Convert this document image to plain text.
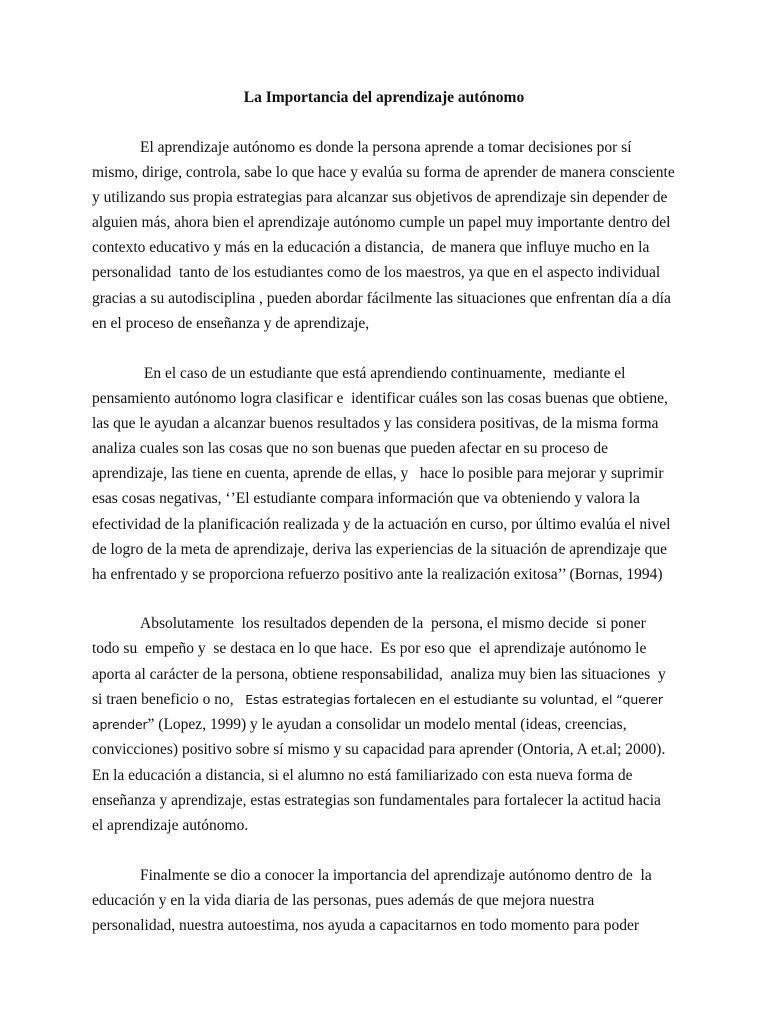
La Importancia del aprendizaje autónomo
El aprendizaje autónomo es donde la persona aprende a tomar decisiones por sí
mismo, dirige, controla, sabe lo que hace y evalúa su forma de aprender de manera consciente
y utilizando sus propia estrategias para alcanzar sus objetivos de aprendizaje sin depender de
alguien más, ahora bien el aprendizaje autónomo cumple un papel muy importante dentro del
contexto educativo y más en la educación a distancia,  de manera que influye mucho en la
personalidad  tanto de los estudiantes como de los maestros, ya que en el aspecto individual
gracias a su autodisciplina , pueden abordar fácilmente las situaciones que enfrentan día a día
en el proceso de enseñanza y de aprendizaje,
En el caso de un estudiante que está aprendiendo continuamente,  mediante el
pensamiento autónomo logra clasificar e  identificar cuáles son las cosas buenas que obtiene,
las que le ayudan a alcanzar buenos resultados y las considera positivas, de la misma forma
analiza cuales son las cosas que no son buenas que pueden afectar en su proceso de
aprendizaje, las tiene en cuenta, aprende de ellas, y   hace lo posible para mejorar y suprimir
esas cosas negativas, ‘’El estudiante compara información que va obteniendo y valora la
efectividad de la planificación realizada y de la actuación en curso, por último evalúa el nivel
de logro de la meta de aprendizaje, deriva las experiencias de la situación de aprendizaje que
ha enfrentado y se proporciona refuerzo positivo ante la realización exitosa’’ (Bornas, 1994)
Absolutamente  los resultados dependen de la  persona, el mismo decide  si poner
todo su  empeño y  se destaca en lo que hace.  Es por eso que  el aprendizaje autónomo le
aporta al carácter de la persona, obtiene responsabilidad,  analiza muy bien las situaciones  y
si traen beneficio o no,   Estas estrategias fortalecen en el estudiante su voluntad, el “querer
aprender” (Lopez, 1999) y le ayudan a consolidar un modelo mental (ideas, creencias,
convicciones) positivo sobre sí mismo y su capacidad para aprender (Ontoria, A et.al; 2000).
En la educación a distancia, si el alumno no está familiarizado con esta nueva forma de
enseñanza y aprendizaje, estas estrategias son fundamentales para fortalecer la actitud hacia
el aprendizaje autónomo.
Finalmente se dio a conocer la importancia del aprendizaje autónomo dentro de  la
educación y en la vida diaria de las personas, pues además de que mejora nuestra
personalidad, nuestra autoestima, nos ayuda a capacitarnos en todo momento para poder
